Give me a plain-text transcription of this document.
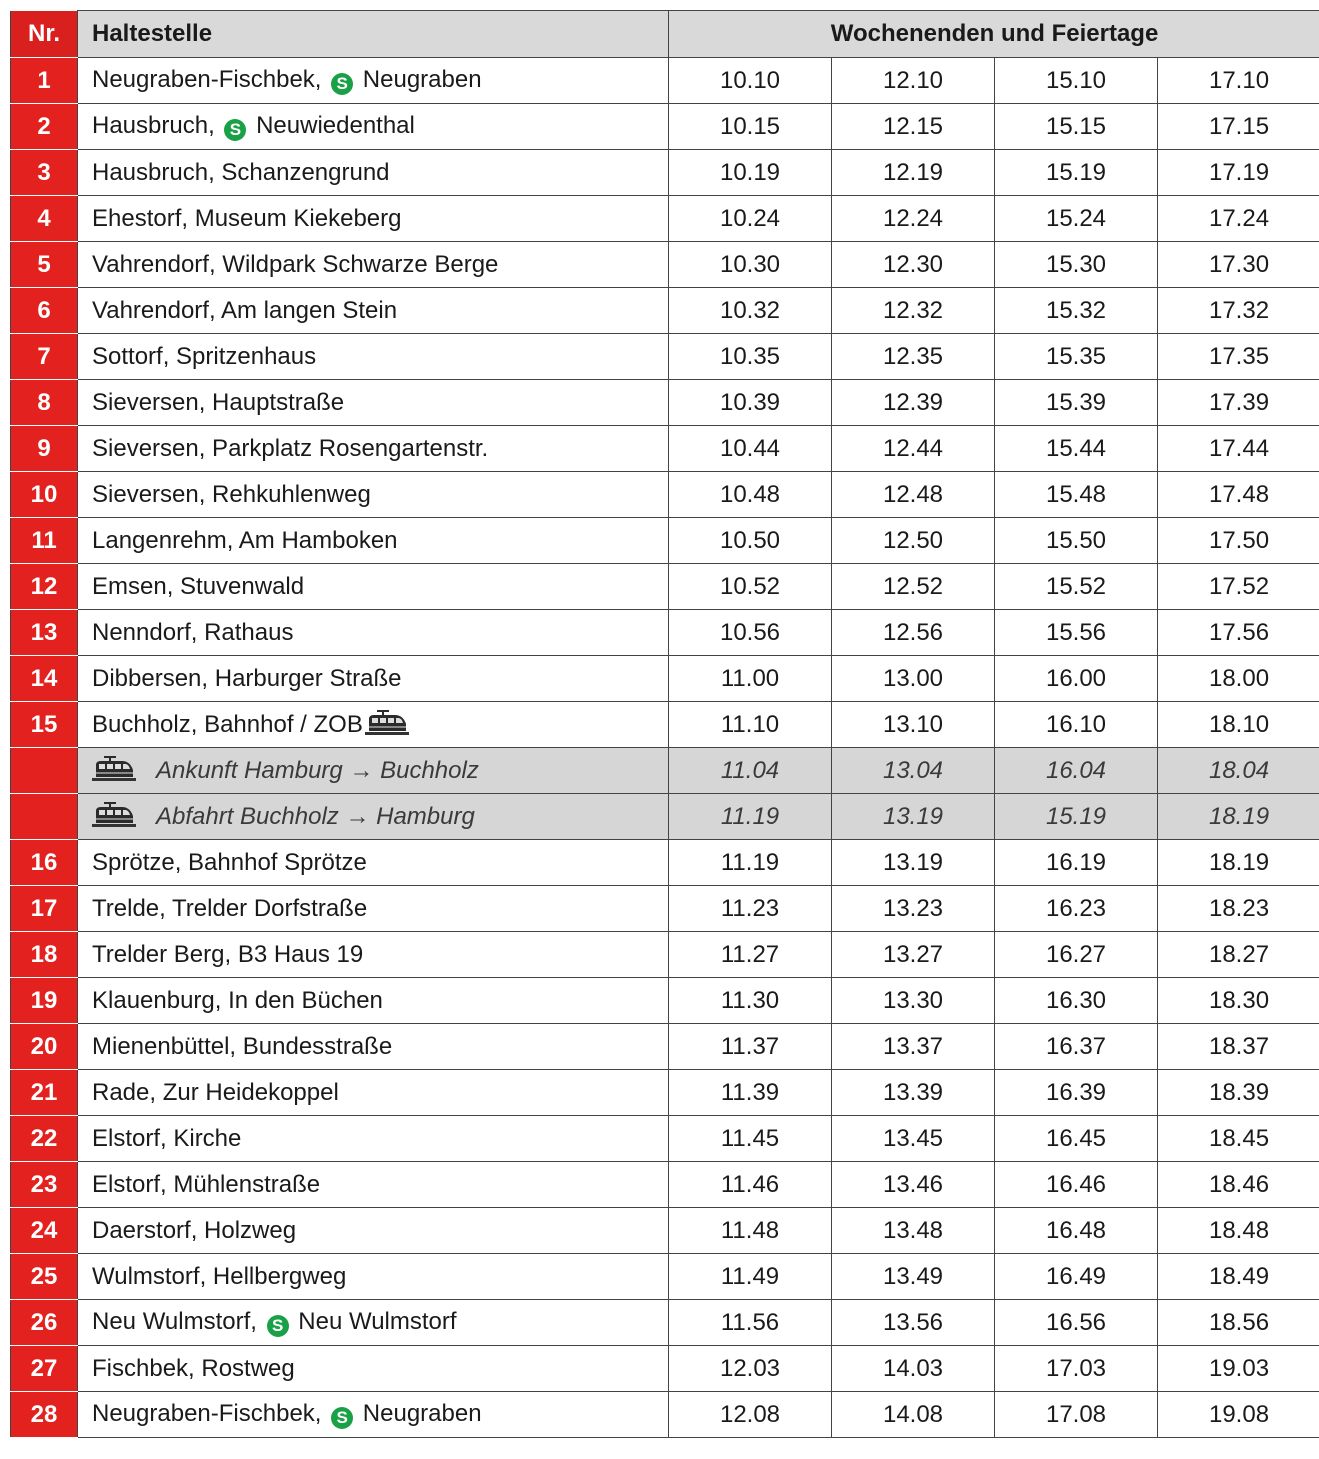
Nr.	Haltestelle	Wochenenden und Feiertage			
1	Neugraben-Fischbek, S Neugraben	10.10	12.10	15.10	17.10
2	Hausbruch, S Neuwiedenthal	10.15	12.15	15.15	17.15
3	Hausbruch, Schanzengrund	10.19	12.19	15.19	17.19
4	Ehestorf, Museum Kiekeberg	10.24	12.24	15.24	17.24
5	Vahrendorf, Wildpark Schwarze Berge	10.30	12.30	15.30	17.30
6	Vahrendorf, Am langen Stein	10.32	12.32	15.32	17.32
7	Sottorf, Spritzenhaus	10.35	12.35	15.35	17.35
8	Sieversen, Hauptstraße	10.39	12.39	15.39	17.39
9	Sieversen, Parkplatz Rosengartenstr.	10.44	12.44	15.44	17.44
10	Sieversen, Rehkuhlenweg	10.48	12.48	15.48	17.48
11	Langenrehm, Am Hamboken	10.50	12.50	15.50	17.50
12	Emsen, Stuvenwald	10.52	12.52	15.52	17.52
13	Nenndorf, Rathaus	10.56	12.56	15.56	17.56
14	Dibbersen, Harburger Straße	11.00	13.00	16.00	18.00
15	Buchholz, Bahnhof / ZOB	11.10	13.10	16.10	18.10

Ankunft Hamburg → Buchholz	11.04	13.04	16.04	18.04

Abfahrt Buchholz → Hamburg	11.19	13.19	15.19	18.19
16	Sprötze, Bahnhof Sprötze	11.19	13.19	16.19	18.19
17	Trelde, Trelder Dorfstraße	11.23	13.23	16.23	18.23
18	Trelder Berg, B3 Haus 19	11.27	13.27	16.27	18.27
19	Klauenburg, In den Büchen	11.30	13.30	16.30	18.30
20	Mienenbüttel, Bundesstraße	11.37	13.37	16.37	18.37
21	Rade, Zur Heidekoppel	11.39	13.39	16.39	18.39
22	Elstorf, Kirche	11.45	13.45	16.45	18.45
23	Elstorf, Mühlenstraße	11.46	13.46	16.46	18.46
24	Daerstorf, Holzweg	11.48	13.48	16.48	18.48
25	Wulmstorf, Hellbergweg	11.49	13.49	16.49	18.49
26	Neu Wulmstorf, S Neu Wulmstorf	11.56	13.56	16.56	18.56
27	Fischbek, Rostweg	12.03	14.03	17.03	19.03
28	Neugraben-Fischbek, S Neugraben	12.08	14.08	17.08	19.08
